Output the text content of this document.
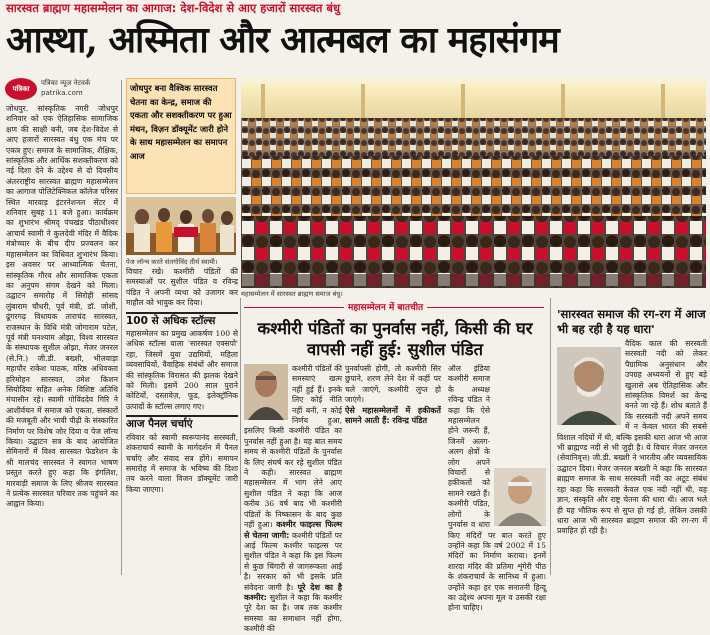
सारस्वत ब्राह्मण महासम्मेलन का आगाज: देश-विदेश से आए हजारों सारस्वत बंधु
आस्था, अस्मिता और आत्मबल का महासंगम
पत्रिका
पत्रिका न्यूज नेटवर्क
patrika.com
जोधपुर. सांस्कृतिक नगरी जोधपुर शनिवार को एक ऐतिहासिक सामाजिक क्षण की साक्षी बनी, जब देश-विदेश से आए हजारों सारस्वत बंधु एक मंच पर एकत्र हुए। समाज के सामाजिक, शैक्षिक, सांस्कृतिक और आर्थिक सशक्तीकरण को नई दिशा देने के उद्देश्य से दो दिवसीय अंतरराष्ट्रीय सारस्वत ब्राह्मण महासम्मेलन का आगाज पोलिटेक्निकल कॉलेज परिसर स्थित मारवाड़ इंटरनेशनल सेंटर में शनिवार सुबह 11 बजे हुआ। कार्यक्रम का शुभारंभ श्रीमद् पंचखंड पीठाधीश्वर आचार्य स्वामी ने कुलदेवी मंदिर में वैदिक मंत्रोच्चार के बीच दीप प्रज्वलन कर महासम्मेलन का विधिवत शुभारंभ किया। इस अवसर पर आध्यात्मिक चेतना, सांस्कृतिक गौरव और सामाजिक एकता का अनुपम संगम देखने को मिला। उद्घाटन समारोह में सिरोही सांसद लुंबाराम चौधरी, पूर्व मंत्री, डॉ. जोशी, ढूंगरगढ़ विधायक ताराचंद सारस्वत, राजस्थान के विधि मंत्री जोगाराम पटेल, पूर्व मंत्री घनश्याम ओझा, विश्व सारस्वत के संस्थापक सुशील ओझा, मेजर जनरल (से.नि.) जी.डी. बख्शी, भीलवाड़ा महापौर राकेश पाठक, वरिष्ठ अधिवक्ता हरिमोहन सारस्वत, उमेश किशन सियोदिया सहित अनेक विशिष्ट अतिथि मंचासीन रहे। स्वामी गोविंददेव गिरि ने आशीर्वचन में समाज को एकता, संस्कारों की मजबूती और भावी पीढ़ी के संस्कारित निर्माण पर विशेष जोर दिया व पेज लॉन्च किया। उद्घाटन सत्र के बाद आयोजित सेमिनारों में विश्व सारस्वत फेडरेशन के श्री मालचंद सारस्वत ने स्वागत भाषण प्रस्तुत करते हुए कहा कि इंगलिश, मारवाड़ी समाज के लिए श्रीजय सारस्वत ने प्रत्येक सारस्वत परिवार तक पहुंचने का आह्वान किया।
जोधपुर बना वैश्विक सारस्वत चेतना का केन्द्र, समाज की एकता और सशक्तीकरण पर हुआ मंथन, विज़न डॉक्यूमेंट जारी होने के साथ महासम्मेलन का समापन आज
पेज लॉन्च करते संतगोविंद तीर्थ स्वामी।
महासम्मेलन में सारस्वत ब्राह्मण समाज बंधु।
विचार रखे। कश्मीरी पंडितों की समस्याओं पर सुशील पंडित व रविन्द्र पंडित ने अपनी व्यथा को उजागर कर माहौल को भावुक कर दिया।
100 से अधिक स्टॉल्स
महासम्मेलन का प्रमुख आकर्षण 100 से अधिक स्टॉल्स वाला 'सारस्वत एक्सपो' रहा, जिसमें युवा उद्यमियों, महिला व्यवसायियों, वैवाहिक संबंधों और समाज की सांस्कृतिक विरासत की झलक देखने को मिली। इसमें 200 साल पुराने कोटियों, दस्तावेज़, फूड, इलेक्ट्रॉनिक उत्पादों के स्टॉल्स लगाए गए।
आज पैनल चर्चाएं
रविवार को स्वामी स्वरूपानंद सरस्वती, शंकराचार्य स्वामी के मार्गदर्शन में पैनल चर्चाएं और संवाद सत्र होंगे। समापन समारोह में समाज के भविष्य की दिशा तय करने वाला विजन डॉक्यूमेंट जारी किया जाएगा।
महासम्मेलन में बातचीत
कश्मीरी पंडितों का पुनर्वास नहीं, किसी की घर वापसी नहीं हुई: सुशील पंडित
कश्मीरी पंडितों की समस्याएं खत्म नहीं हुई हैं। इनके लिए कोई नीति नहीं बनी, न कोई निर्णय हुआ, इसलिए किसी कश्मीरी पंडित का पुनर्वास नहीं हुआ है। यह बात समय समय से कश्मीरी पंडितों के पुनर्वास के लिए संघर्ष कर रहे सुशील पंडित ने कही। सारस्वत ब्राह्मण महासम्मेलन में भाग लेने आए सुशील पंडित ने कहा कि आज करीब 36 वर्ष बाद भी कश्मीरी पंडितों के निष्कासन के बाद कुछ नहीं हुआ। कश्मीर फाइल्स फिल्म से चेतना जागी: कश्मीरी पंडितों पर आई फिल्म कश्मीर फाइल्स पर सुशील पंडित ने कहा कि इस फिल्म से कुछ चिंगारी से जागरूकता आई है। सरकार को भी इसके प्रति संवेदना जागी है। पूरे देश का है कश्मीर: सुशील ने कहा कि कश्मीर पूरे देश का है। जब तक कश्मीर समस्या का समाधान नहीं होगा, कश्मीरी की
पुनर्वापसी होगी, तो कश्मीरी सिर छुपाने, शरण लेने देश में कहीं पर चले जाएंगे, कश्मीरी लुप्त हो जाएंगे।
ऐसे महासम्मेलनों में हकीकतें सामने आती हैं: रविन्द्र पंडित
ऑल इंडिया कश्मीरी समाज के अध्यक्ष रविन्द्र पंडित ने कहा कि ऐसे महासम्मेलन होने जरूरी हैं, जिनमें अलग-अलग क्षेत्रों के लोग अपने विचारों से हकीकतों को सामने रखते हैं। कश्मीरी पंडित, लोगों के पुनर्वास व धारा किए मंदिरों पर बात करते हुए उन्होंने कहा कि वर्ष 2002 में 15 मंदिरों का निर्माण कराया। इनमें शारदा मंदिर की प्रतिमा शृंगेरी पीठ के शंकराचार्य के सानिध्य में हुआ। उन्होंने कहा हर एक सनातनी हिन्दू का उद्देश्य अपना मूल व उसकी रक्षा होना चाहिए।
'सारस्वत समाज की रग-रग में आज भी बह रही है यह धारा'
वैदिक काल की सरस्वती सरस्वती नदी को लेकर पैग्रामिक अनुसंधान और उपग्रह अध्ययनों से हुए बड़े खुलासे अब ऐतिहासिक और सांस्कृतिक विमर्श का केन्द्र बनते जा रहे हैं। शोध बताते हैं कि सरस्वती नदी अपने समय में न केवल भारत की सबसे विशाल नदियों में थी, बल्कि इसकी धारा आज भी आज भी ब्राह्मण्ड नदी से भी जुड़ी है। ये विचार मेजर जनरल (सेवानिवृत्त) जी.डी. बख्शी ने भारतीय और व्यवसायिक उद्घाटन दिया। मेजर जनरल बख्शी ने कहा कि सारस्वत ब्राह्मण समाज के साथ सरस्वती नदी का अटूट संबंध रहा कहा कि सरस्वती केवल एक नदी नहीं थी, यह ज्ञान, संस्कृति और राष्ट्र चेतना की धारा थी। आज भले ही यह भौतिक रूप से सुप्त हो गई हो, लेकिन उसकी धारा आज भी सारस्वत ब्राह्मण समाज की रग-रग में प्रवाहित हो रही है।
